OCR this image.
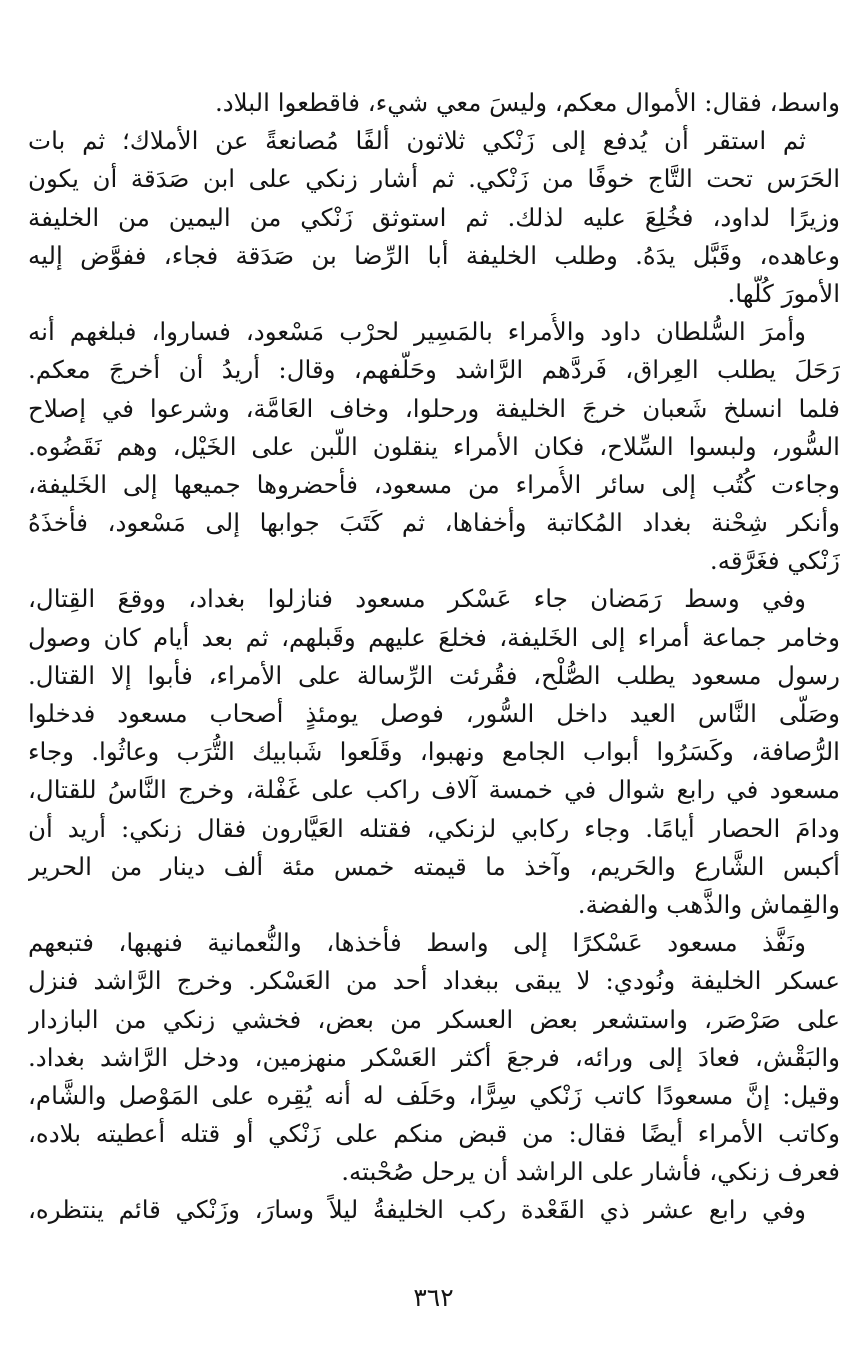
واسط، فقال: الأموال معكم، وليسَ معي شيء، فاقطعوا البلاد.
ثم استقر أن يُدفع إلى زَنْكي ثلاثون ألفًا مُصانعةً عن الأملاك؛ ثم بات
الحَرَس تحت التَّاج خوفًا من زَنْكي. ثم أشار زنكي على ابن صَدَقة أن يكون
وزيرًا لداود، فخُلِعَ عليه لذلك. ثم استوثق زَنْكي من اليمين من الخليفة
وعاهده، وقَبَّل يدَهُ. وطلب الخليفة أبا الرِّضا بن صَدَقة فجاء، ففوَّض إليه
الأمورَ كُلَّها.
وأمرَ السُّلطان داود والأُمراء بالمَسِير لحرْب مَسْعود، فساروا، فبلغهم أنه
رَحَلَ يطلب العِراق، فَردَّهم الرَّاشد وحَلَّفهم، وقال: أريدُ أن أخرجَ معكم.
فلما انسلخ شَعبان خرجَ الخليفة ورحلوا، وخاف العَامَّة، وشرعوا في إصلاح
السُّور، ولبسوا السِّلاح، فكان الأمراء ينقلون اللَّبن على الخَيْل، وهم نَقَضُوه.
وجاءت كُتُب إلى سائر الأُمراء من مسعود، فأحضروها جميعها إلى الخَليفة،
وأنكر شِحْنة بغداد المُكاتبة وأخفاها، ثم كَتَبَ جوابها إلى مَسْعود، فأخذَهُ
زَنْكي فغَرَّقه.
وفي وسط رَمَضان جاء عَسْكر مسعود فنازلوا بغداد، ووقعَ القِتال،
وخامر جماعة أمراء إلى الخَليفة، فخلعَ عليهم وقَبلهم، ثم بعد أيام كان وصول
رسول مسعود يطلب الصُّلْح، فقُرئت الرِّسالة على الأمراء، فأبوا إلا القتال.
وصَلَّى النَّاس العيد داخل السُّور، فوصل يومئذٍ أصحاب مسعود فدخلوا
الرُّصافة، وكَسَرُوا أبواب الجامع ونهبوا، وقَلَعوا شَبابيك التُّرَب وعاثُوا. وجاء
مسعود في رابع شوال في خمسة آلاف راكب على غَفْلة، وخرج النَّاسُ للقتال،
ودامَ الحصار أيامًا. وجاء ركابي لزنكي، فقتله العَيَّارون فقال زنكي: أريد أن
أكبس الشَّارع والحَريم، وآخذ ما قيمته خمس مئة ألف دينار من الحرير
والقِماش والذَّهب والفضة.
ونَفَّذ مسعود عَسْكرًا إلى واسط فأخذها، والنُّعمانية فنهبها، فتبعهم
عسكر الخليفة ونُودي: لا يبقى ببغداد أحد من العَسْكر. وخرج الرَّاشد فنزل
على صَرْصَر، واستشعر بعض العسكر من بعض، فخشي زنكي من البازدار
والبَقْش، فعادَ إلى ورائه، فرجعَ أكثر العَسْكر منهزمين، ودخل الرَّاشد بغداد.
وقيل: إنَّ مسعودًا كاتب زَنْكي سِرًّا، وحَلَف له أنه يُقِره على المَوْصل والشَّام،
وكاتب الأمراء أيضًا فقال: من قبض منكم على زَنْكي أو قتله أعطيته بلاده،
فعرف زنكي، فأشار على الراشد أن يرحل صُحْبته.
وفي رابع عشر ذي القَعْدة ركب الخليفةُ ليلاً وسارَ، وزَنْكي قائم ينتظره،
٣٦٢
